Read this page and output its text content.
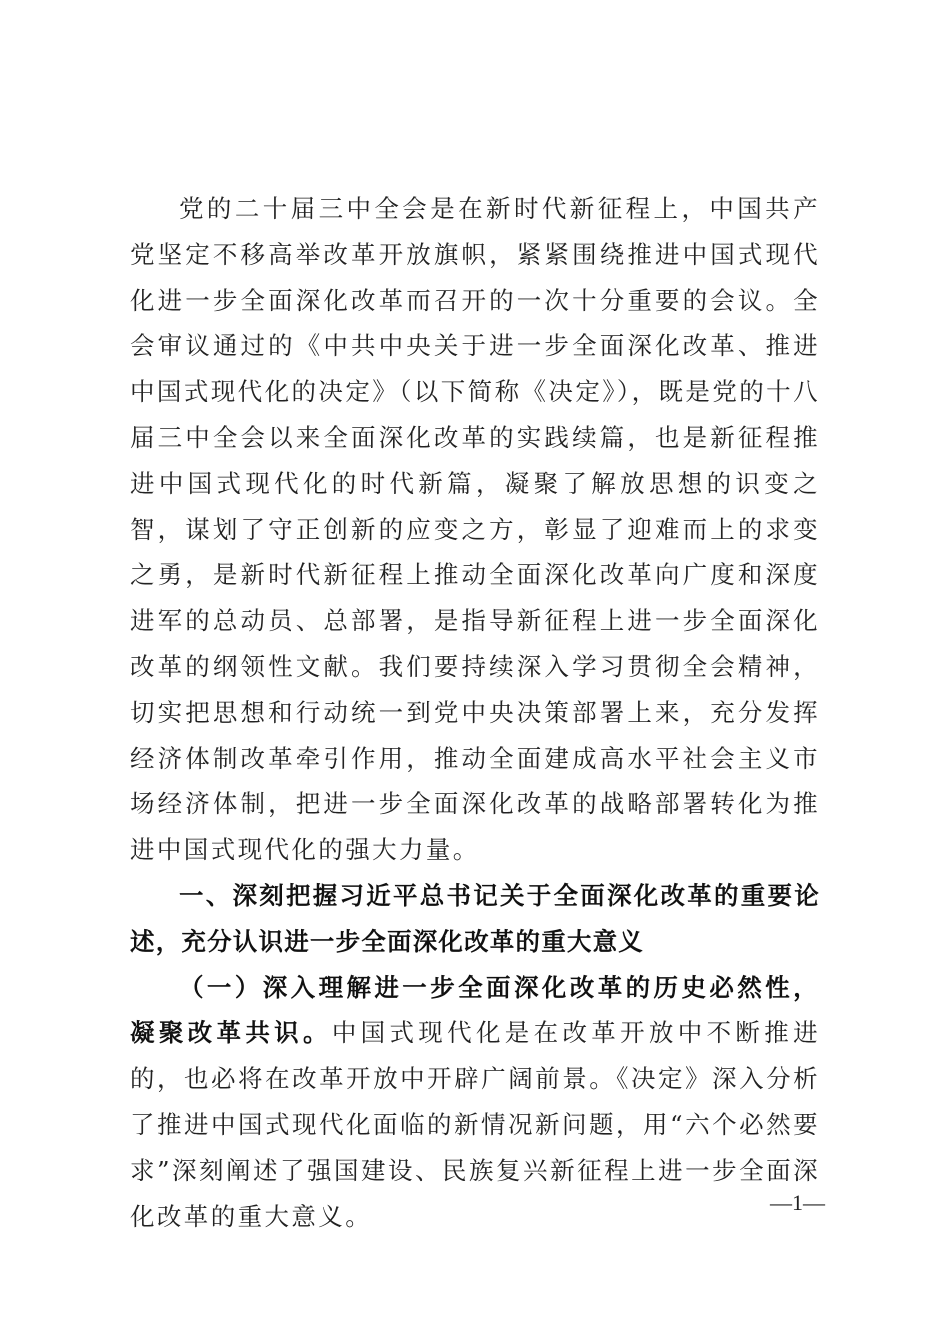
党的二十届三中全会是在新时代新征程上，中国共产党坚定不移高举改革开放旗帜，紧紧围绕推进中国式现代化进一步全面深化改革而召开的一次十分重要的会议。全会审议通过的《中共中央关于进一步全面深化改革、推进中国式现代化的决定》（以下简称《决定》），既是党的十八届三中全会以来全面深化改革的实践续篇，也是新征程推进中国式现代化的时代新篇，凝聚了解放思想的识变之智，谋划了守正创新的应变之方，彰显了迎难而上的求变之勇，是新时代新征程上推动全面深化改革向广度和深度进军的总动员、总部署，是指导新征程上进一步全面深化改革的纲领性文献。我们要持续深入学习贯彻全会精神，切实把思想和行动统一到党中央决策部署上来，充分发挥经济体制改革牵引作用，推动全面建成高水平社会主义市场经济体制，把进一步全面深化改革的战略部署转化为推进中国式现代化的强大力量。

一、深刻把握习近平总书记关于全面深化改革的重要论述，充分认识进一步全面深化改革的重大意义

（一）深入理解进一步全面深化改革的历史必然性，凝聚改革共识。中国式现代化是在改革开放中不断推进的，也必将在改革开放中开辟广阔前景。《决定》深入分析了推进中国式现代化面临的新情况新问题，用“六个必然要求”深刻阐述了强国建设、民族复兴新征程上进一步全面深化改革的重大意义。	—1—
